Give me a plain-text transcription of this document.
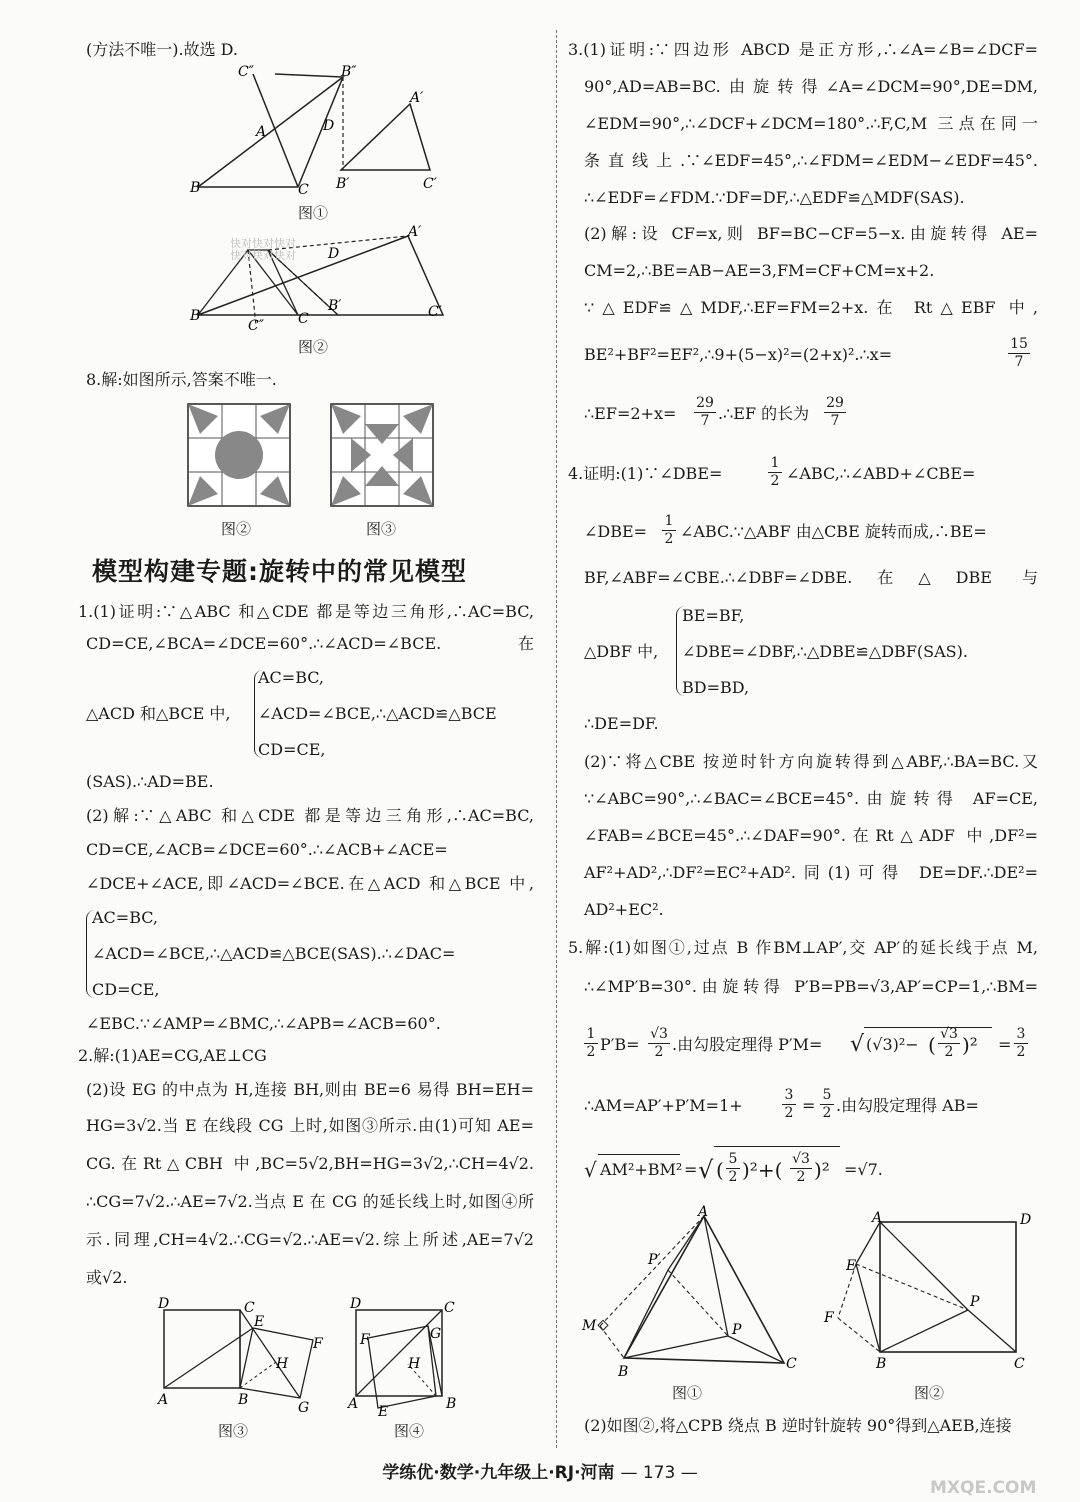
(方法不唯一).故选 D.
C″	B″
A	D
A′
B	C B′	C′
图①
A′
D
B	C
B′	C′
C″
快对快对快对
快对快对快对
图②
8.解:如图所示,答案不唯一.
图②	图③
模型构建专题:旋转中的常见模型
1.(1)证明:∵△ABC 和△CDE 都是等边三角形,∴AC=BC,
CD=CE,∠BCA=∠DCE=60°.∴∠ACD=∠BCE.在
△ACD 和△BCE 中,
AC=BC,
∠ACD=∠BCE,∴△ACD≌△BCE
CD=CE,
(SAS).∴AD=BE.
(2)解:∵△ABC 和△CDE 都是等边三角形,∴AC=BC,
CD=CE,∠ACB=∠DCE=60°.∴∠ACB+∠ACE=
∠DCE+∠ACE,即∠ACD=∠BCE.在△ACD 和△BCE 中,
AC=BC,
∠ACD=∠BCE,∴△ACD≌△BCE(SAS).∴∠DAC=
CD=CE,
∠EBC.∵∠AMP=∠BMC,∴∠APB=∠ACB=60°.
2.解:(1)AE=CG,AE⊥CG
(2)设 EG 的中点为 H,连接 BH,则由 BE=6 易得 BH=EH=
HG=3√2.当 E 在线段 CG 上时,如图③所示.由(1)可知 AE=
CG.在Rt△CBH 中,BC=5√2,BH=HG=3√2,∴CH=4√2.
∴CG=7√2.∴AE=7√2.当点 E 在 CG 的延长线上时,如图④所
示.同理,CH=4√2.∴CG=√2.∴AE=√2.综上所述,AE=7√2
或√2.
D	C
E
F
H
A	B	G
图③
D	C
F	G
H
A	B
E
图④
3.(1)证明:∵四边形 ABCD 是正方形,∴∠A=∠B=∠DCF=
90°,AD=AB=BC.由旋转得∠A=∠DCM=90°,DE=DM,
∠EDM=90°,∴∠DCF+∠DCM=180°.∴F,C,M 三点在同一
条直线上.∵∠EDF=45°,∴∠FDM=∠EDM−∠EDF=45°.
∴∠EDF=∠FDM.∵DF=DF,∴△EDF≌△MDF(SAS).
(2)解:设 CF=x,则 BF=BC−CF=5−x.由旋转得 AE=
CM=2,∴BE=AB−AE=3,FM=CF+CM=x+2.
∵△EDF≌△MDF,∴EF=FM=2+x.在 Rt△EBF 中,
BE²+BF²=EF²,∴9+(5−x)²=(2+x)².∴x=
15
7
∴EF=2+x=
29
7 .∴EF 的长为
29
7
4.证明:(1)∵∠DBE=
1
2 ∠ABC,∴∠ABD+∠CBE=
∠DBE=
1
2 ∠ABC.∵△ABF 由△CBE 旋转而成,∴BE=
BF,∠ABF=∠CBE.∴∠DBF=∠DBE.在△DBE 与
△DBF 中,
BE=BF,
∠DBE=∠DBF,∴△DBE≌△DBF(SAS).
BD=BD,
∴DE=DF.
(2)∵将△CBE 按逆时针方向旋转得到△ABF,∴BA=BC.又
∵∠ABC=90°,∴∠BAC=∠BCE=45°.由旋转得 AF=CE,
∠FAB=∠BCE=45°.∴∠DAF=90°.在Rt△ADF 中,DF²=
AF²+AD²,∴DF²=EC²+AD².同(1)可得 DE=DF.∴DE²=
AD²+EC².
5.解:(1)如图①,过点 B 作BM⊥AP′,交 AP′的延长线于点 M,
∴∠MP′B=30°.由旋转得 P′B=PB=√3,AP′=CP=1,∴BM=
1
2 P′B=
√3
2 .由勾股定理得 P′M= √ (√3)²− ( √3
2 )² =
3
2
∴AM=AP′+P′M=1+
3
2 =
5
2 .由勾股定理得 AB=
√ AM²+BM² = √ ( 5
2 )²+( √3
2 )² =√7.
A
P′
M	P
B	C
图①
A	D
E
F
P
B	C
图②
(2)如图②,将△CPB 绕点 B 逆时针旋转 90°得到△AEB,连接
学练优·数学·九年级上·RJ·河南 — 173 —
MXQE.COM
